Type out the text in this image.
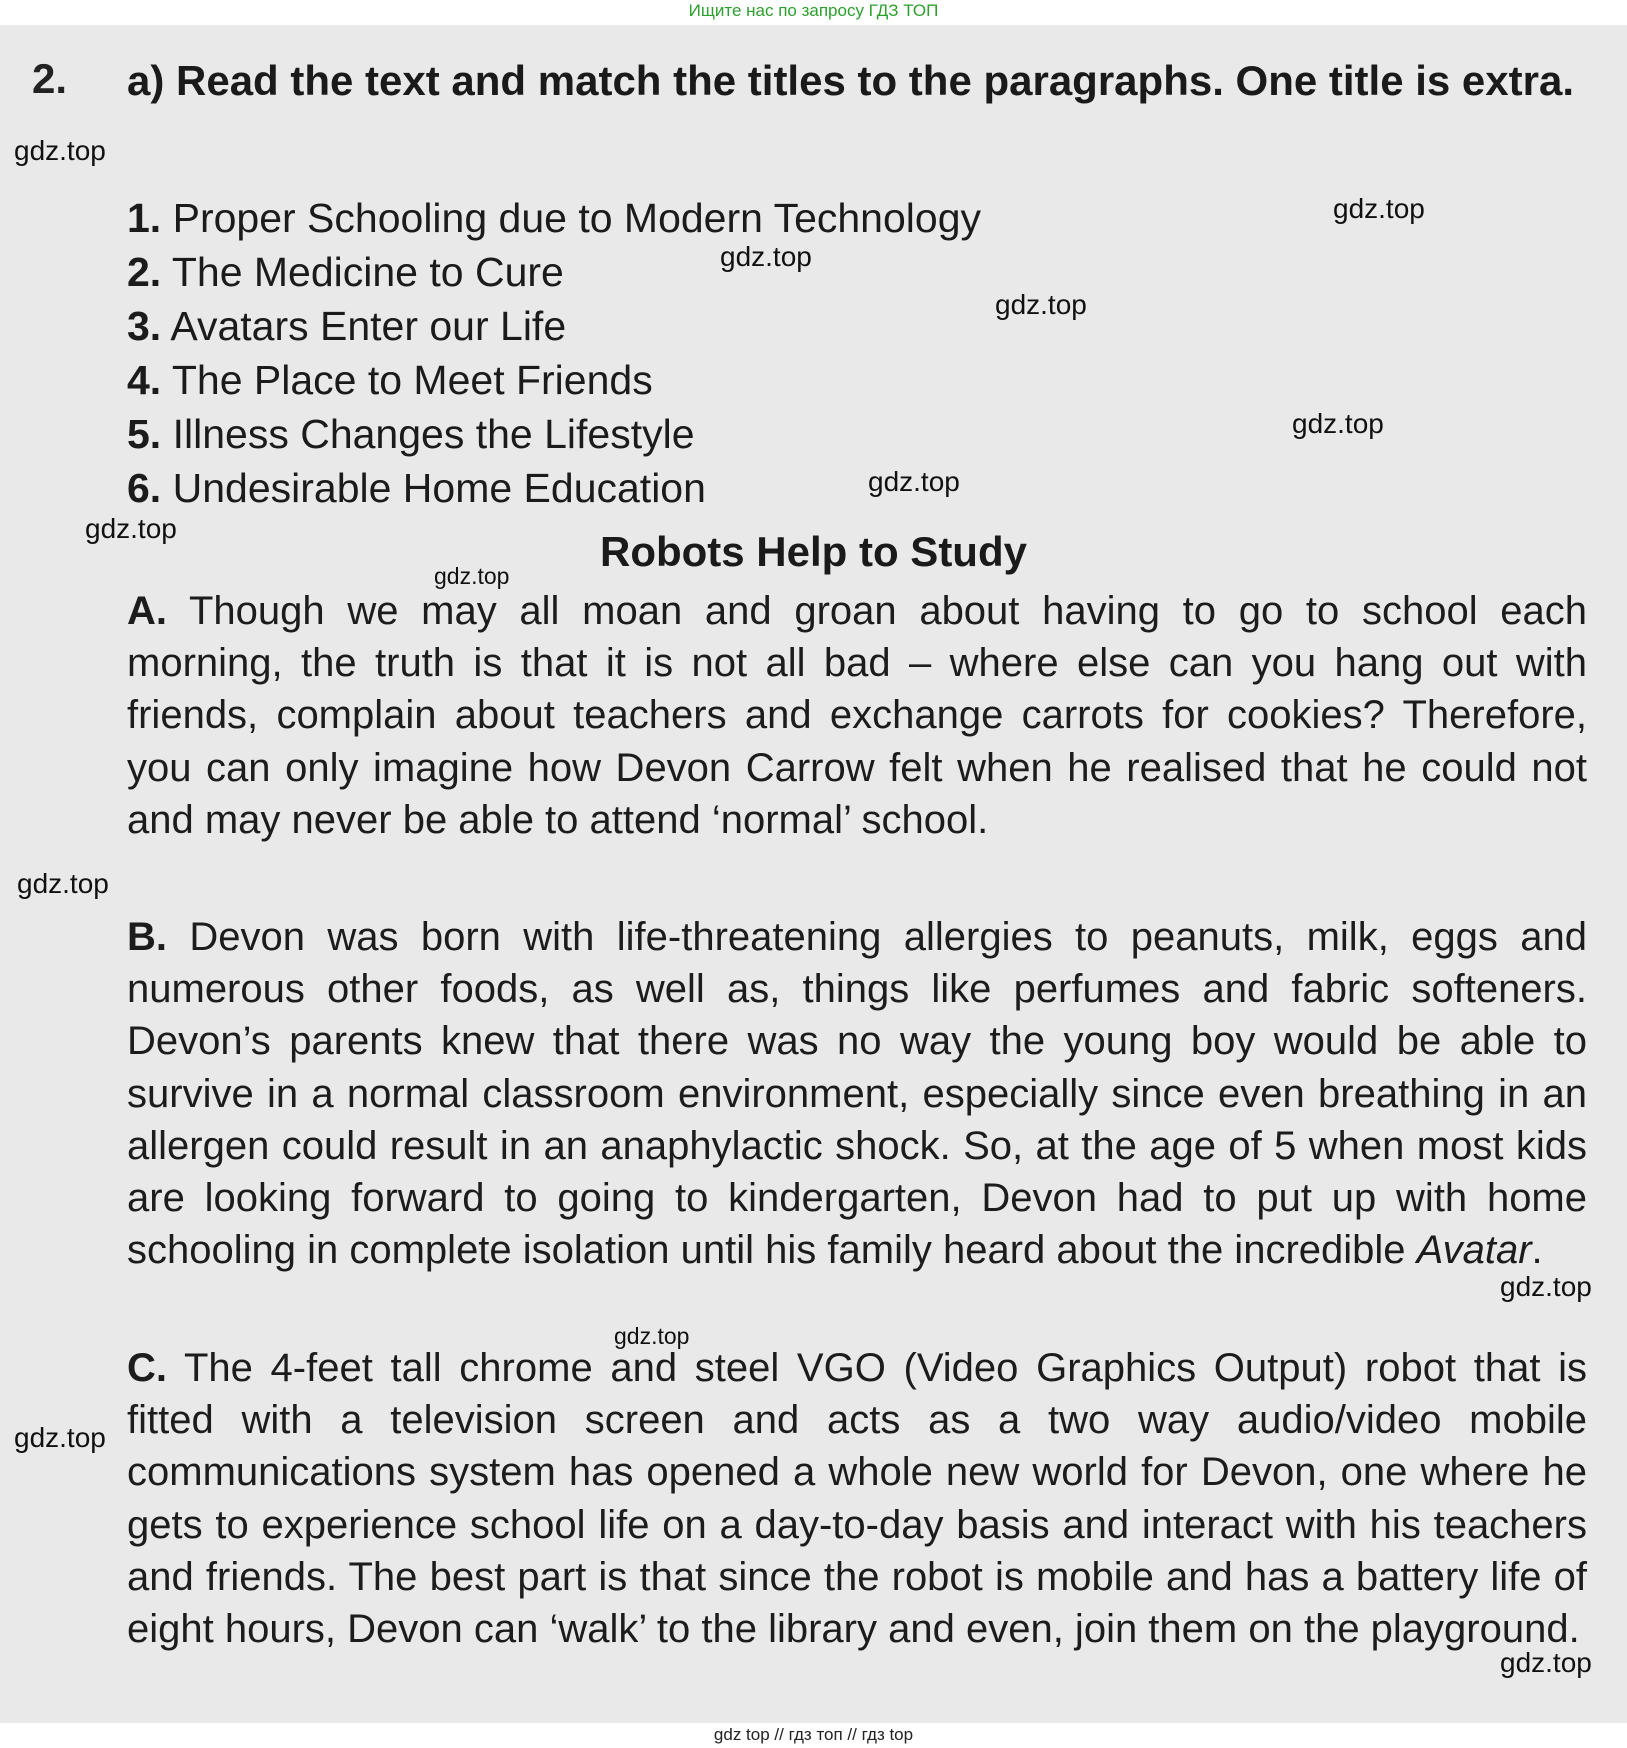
Ищите нас по запросу ГДЗ ТОП
2. a) Read the text and match the titles to the paragraphs. One title is extra.
1. Proper Schooling due to Modern Technology
2. The Medicine to Cure
3. Avatars Enter our Life
4. The Place to Meet Friends
5. Illness Changes the Lifestyle
6. Undesirable Home Education
Robots Help to Study

A. Though we may all moan and groan about having to go to school each morning, the truth is that it is not all bad – where else can you hang out with friends, complain about teachers and exchange carrots for cookies? Therefore, you can only imagine how Devon Carrow felt when he realised that he could not and may never be able to attend ‘normal’ school.

B. Devon was born with life-threatening allergies to peanuts, milk, eggs and numerous other foods, as well as, things like perfumes and fabric softeners. Devon’s parents knew that there was no way the young boy would be able to survive in a normal classroom environment, especially since even breathing in an allergen could result in an anaphylactic shock. So, at the age of 5 when most kids are looking forward to going to kindergarten, Devon had to put up with home schooling in complete isolation until his family heard about the incredible Avatar.

C. The 4-feet tall chrome and steel VGO (Video Graphics Output) robot that is fitted with a television screen and acts as a two way audio/video mobile communications system has opened a whole new world for Devon, one where he gets to experience school life on a day-to-day basis and interact with his teachers and friends. The best part is that since the robot is mobile and has a battery life of eight hours, Devon can ‘walk’ to the library and even, join them on the playground.

gdz.top
gdz.top
gdz.top
gdz.top
gdz.top
gdz.top
gdz.top
gdz.top
gdz.top
gdz.top
gdz.top
gdz.top
gdz.top
gdz top // гдз топ // гдз top
